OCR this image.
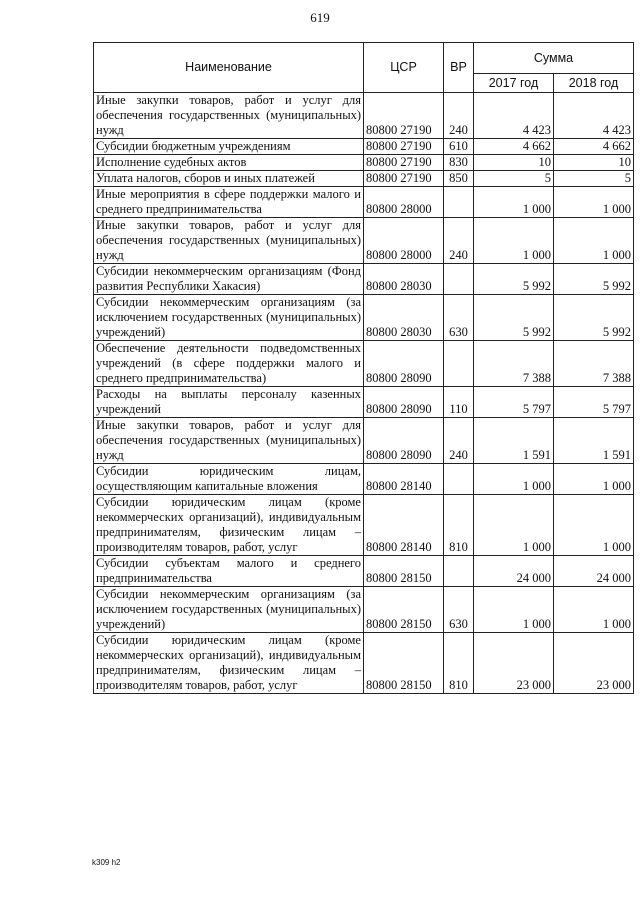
619
Наименование	ЦСР	ВР	Сумма	
			2017 год	2018 год
Иные закупки товаров, работ и услуг для обеспечения государственных (муниципальных) нужд	80800 27190	240	4 423	4 423
Субсидии бюджетным учреждениям	80800 27190	610	4 662	4 662
Исполнение судебных актов	80800 27190	830	10	10
Уплата налогов, сборов и иных платежей	80800 27190	850	5	5
Иные мероприятия в сфере поддержки малого и среднего предпринимательства	80800 28000		1 000	1 000
Иные закупки товаров, работ и услуг для обеспечения государственных (муниципальных) нужд	80800 28000	240	1 000	1 000
Субсидии некоммерческим организациям (Фонд развития Республики Хакасия)	80800 28030		5 992	5 992
Субсидии некоммерческим организациям (за исключением государственных (муниципальных) учреждений)	80800 28030	630	5 992	5 992
Обеспечение деятельности подведомственных учреждений (в сфере поддержки малого и среднего предпринимательства)	80800 28090		7 388	7 388
Расходы на выплаты персоналу казенных учреждений	80800 28090	110	5 797	5 797
Иные закупки товаров, работ и услуг для обеспечения государственных (муниципальных) нужд	80800 28090	240	1 591	1 591
Субсидии юридическим лицам, осуществляющим капитальные вложения	80800 28140		1 000	1 000
Субсидии юридическим лицам (кроме некоммерческих организаций), индивидуальным предпринимателям, физическим лицам – производителям товаров, работ, услуг	80800 28140	810	1 000	1 000
Субсидии субъектам малого и среднего предпринимательства	80800 28150		24 000	24 000
Субсидии некоммерческим организациям (за исключением государственных (муниципальных) учреждений)	80800 28150	630	1 000	1 000
Субсидии юридическим лицам (кроме некоммерческих организаций), индивидуальным предпринимателям, физическим лицам – производителям товаров, работ, услуг	80800 28150	810	23 000	23 000
k309 h2
